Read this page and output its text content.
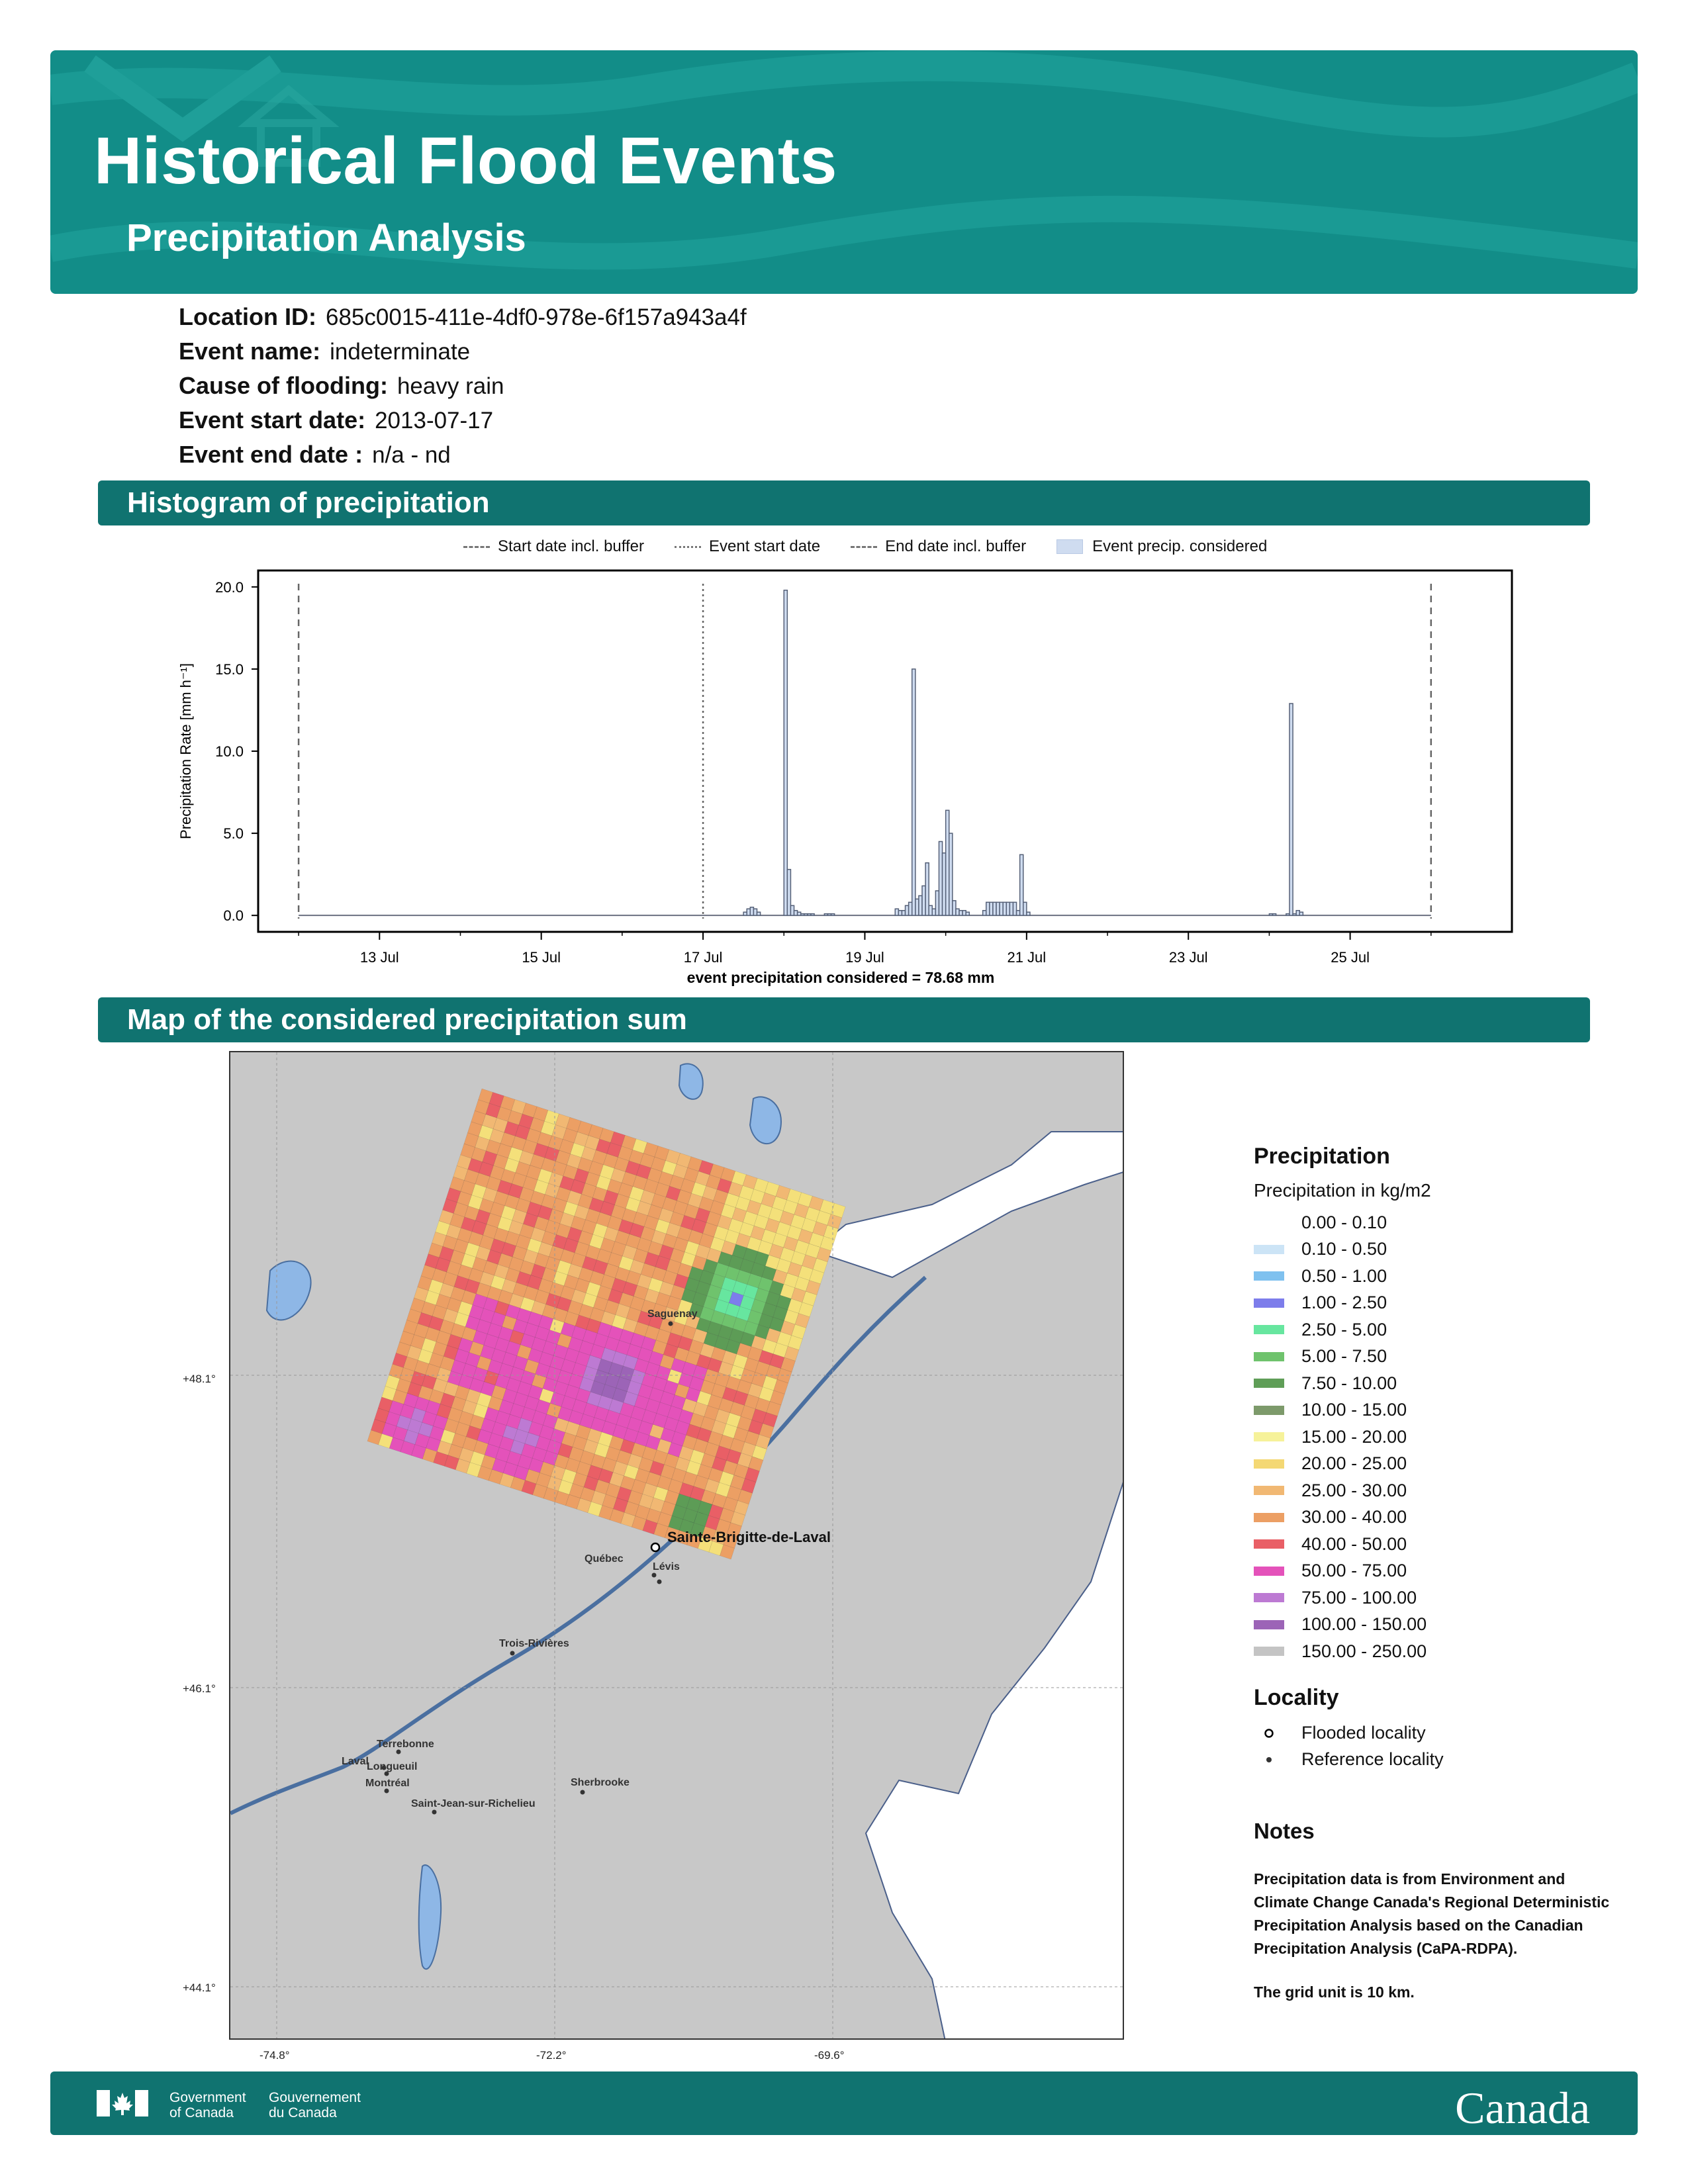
Historical Flood Events
Precipitation Analysis
Location ID: 685c0015-411e-4df0-978e-6f157a943a4f
Event name: indeterminate
Cause of flooding: heavy rain
Event start date: 2013-07-17
Event end date : n/a - nd
Histogram of precipitation
Start date incl. buffer	Event start date	End date incl. buffer	Event precip. considered
0.0
5.0
10.0
15.0
20.0
13 Jul	15 Jul	17 Jul	19 Jul	21 Jul	23 Jul	25 Jul
Precipitation Rate [mm h⁻¹]
event precipitation considered = 78.68 mm
Map of the considered precipitation sum
Saguenay
Québec
Lévis
Trois-Rivières
Terrebonne
Laval
Longueuil
Montréal	Sherbrooke
Saint-Jean-sur-Richelieu
Sainte-Brigitte-de-Laval
+48.1°
+46.1°
+44.1°
-74.8°	-72.2°	-69.6°
Precipitation
Precipitation in kg/m2
0.00 - 0.10
0.10 - 0.50
0.50 - 1.00
1.00 - 2.50
2.50 - 5.00
5.00 - 7.50
7.50 - 10.00
10.00 - 15.00
15.00 - 20.00
20.00 - 25.00
25.00 - 30.00
30.00 - 40.00
40.00 - 50.00
50.00 - 75.00
75.00 - 100.00
100.00 - 150.00
150.00 - 250.00
Locality
Flooded locality
Reference locality
Notes
Precipitation data is from Environment and Climate Change Canada's Regional Deterministic Precipitation Analysis based on the Canadian Precipitation Analysis (CaPA-RDPA).
The grid unit is 10 km.
Government
of Canada
Gouvernement
du Canada	Canada
